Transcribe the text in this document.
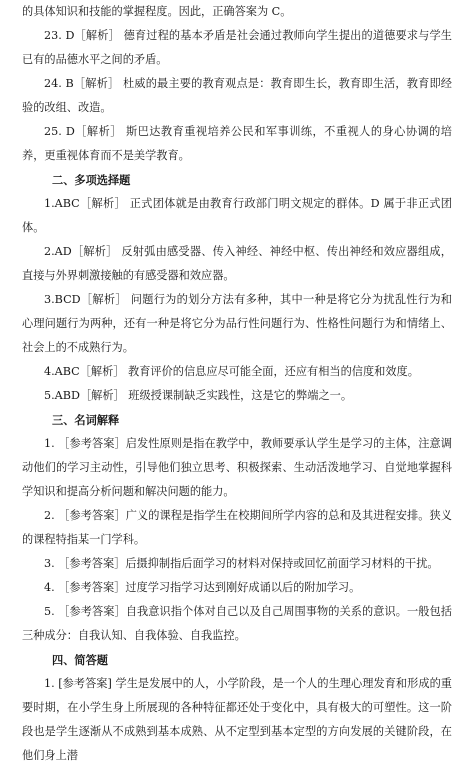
的具体知识和技能的掌握程度。因此，正确答案为 C。

23. D［解析］ 德育过程的基本矛盾是社会通过教师向学生提出的道德要求与学生已有的品德水平之间的矛盾。

24. B［解析］ 杜威的最主要的教育观点是：教育即生长，教育即生活，教育即经验的改组、改造。

25. D［解析］ 斯巴达教育重视培养公民和军事训练，不重视人的身心协调的培养，更重视体育而不是美学教育。

二、多项选择题

1.ABC［解析］ 正式团体就是由教育行政部门明文规定的群体。D 属于非正式团体。

2.AD［解析］ 反射弧由感受器、传入神经、神经中枢、传出神经和效应器组成，直接与外界刺激接触的有感受器和效应器。

3.BCD［解析］ 问题行为的划分方法有多种，其中一种是将它分为扰乱性行为和心理问题行为两种，还有一种是将它分为品行性问题行为、性格性问题行为和情绪上、社会上的不成熟行为。

4.ABC［解析］ 教育评价的信息应尽可能全面，还应有相当的信度和效度。

5.ABD［解析］ 班级授课制缺乏实践性，这是它的弊端之一。

三、名词解释

1. ［参考答案］启发性原则是指在教学中，教师要承认学生是学习的主体，注意调动他们的学习主动性，引导他们独立思考、积极探索、生动活泼地学习、自觉地掌握科学知识和提高分析问题和解决问题的能力。

2. ［参考答案］广义的课程是指学生在校期间所学内容的总和及其进程安排。狭义的课程特指某一门学科。

3. ［参考答案］后摄抑制指后面学习的材料对保持或回忆前面学习材料的干扰。

4. ［参考答案］过度学习指学习达到刚好成诵以后的附加学习。

5. ［参考答案］自我意识指个体对自己以及自己周围事物的关系的意识。一般包括三种成分：自我认知、自我体验、自我监控。

四、简答题

1. [参考答案] 学生是发展中的人，小学阶段，是一个人的生理心理发育和形成的重要时期，在小学生身上所展现的各种特征都还处于变化中，具有极大的可塑性。这一阶段也是学生逐渐从不成熟到基本成熟、从不定型到基本定型的方向发展的关键阶段，在他们身上潜
